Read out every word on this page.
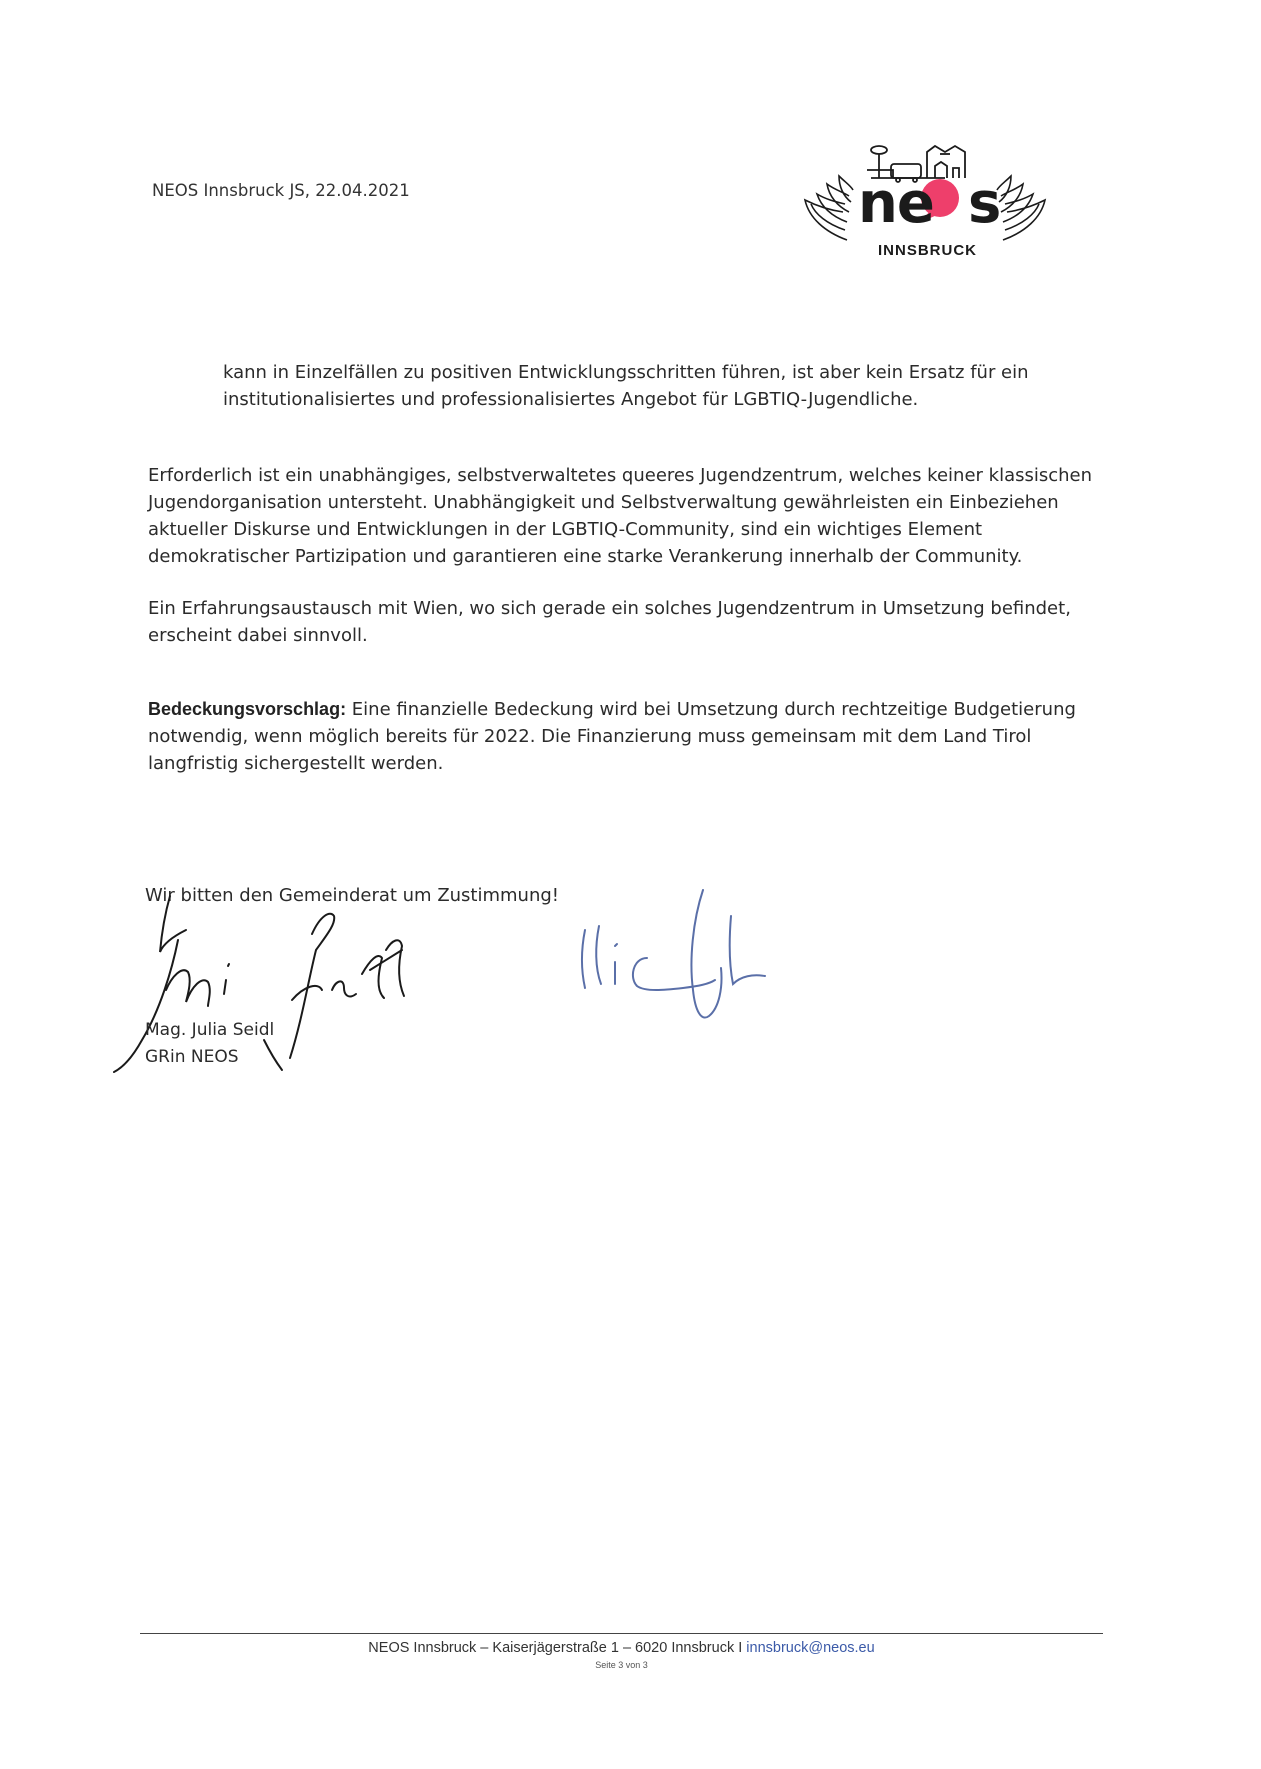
NEOS Innsbruck JS, 22.04.2021	ne s
INNSBRUCK

kann in Einzelfällen zu positiven Entwicklungsschritten führen, ist aber kein Ersatz für ein institutionalisiertes und professionalisiertes Angebot für LGBTIQ-Jugendliche.

Erforderlich ist ein unabhängiges, selbstverwaltetes queeres Jugendzentrum, welches keiner klassischen Jugendorganisation untersteht. Unabhängigkeit und Selbstverwaltung gewährleisten ein Einbeziehen aktueller Diskurse und Entwicklungen in der LGBTIQ-Community, sind ein wichtiges Element demokratischer Partizipation und garantieren eine starke Verankerung innerhalb der Community.

Ein Erfahrungsaustausch mit Wien, wo sich gerade ein solches Jugendzentrum in Umsetzung befindet, erscheint dabei sinnvoll.

Bedeckungsvorschlag: Eine finanzielle Bedeckung wird bei Umsetzung durch rechtzeitige Budgetierung notwendig, wenn möglich bereits für 2022. Die Finanzierung muss gemeinsam mit dem Land Tirol langfristig sichergestellt werden.

Wir bitten den Gemeinderat um Zustimmung!
Mag. Julia Seidl
GRin NEOS
NEOS Innsbruck – Kaiserjägerstraße 1 – 6020 Innsbruck I innsbruck@neos.eu
Seite 3 von 3
